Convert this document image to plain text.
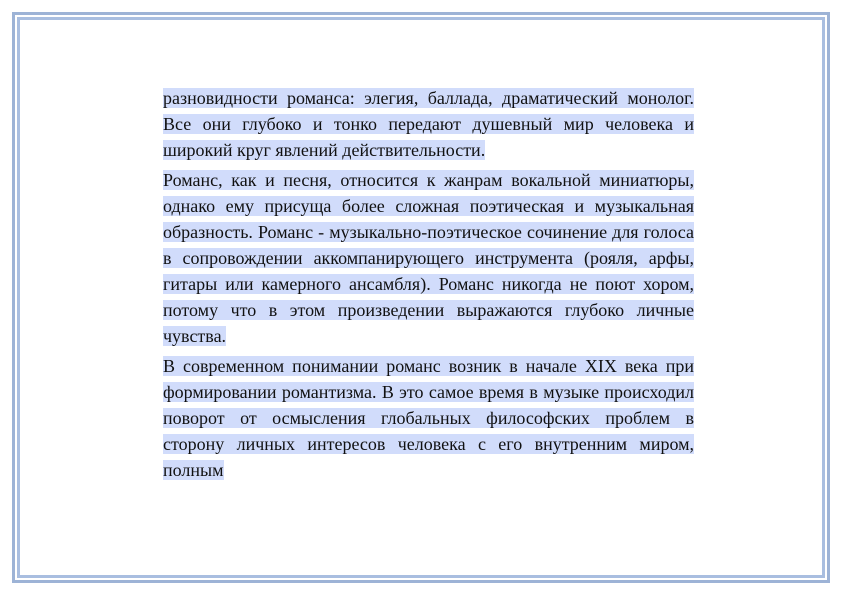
разновидности романса: элегия, баллада, драматический монолог. Все они глубоко и тонко передают душевный мир человека и широкий круг явлений действительности.

Романс, как и песня, относится к жанрам вокальной миниатюры, однако ему присуща более сложная поэтическая и музыкальная образность. Романс - музыкально-поэтическое сочинение для голоса в сопровождении аккомпанирующего инструмента (рояля, арфы, гитары или камерного ансамбля). Романс никогда не поют хором, потому что в этом произведении выражаются глубоко личные чувства.

В современном понимании романс возник в начале XIX века при формировании романтизма. В это самое время в музыке происходил поворот от осмысления глобальных философских проблем в сторону личных интересов человека с его внутренним миром, полным
